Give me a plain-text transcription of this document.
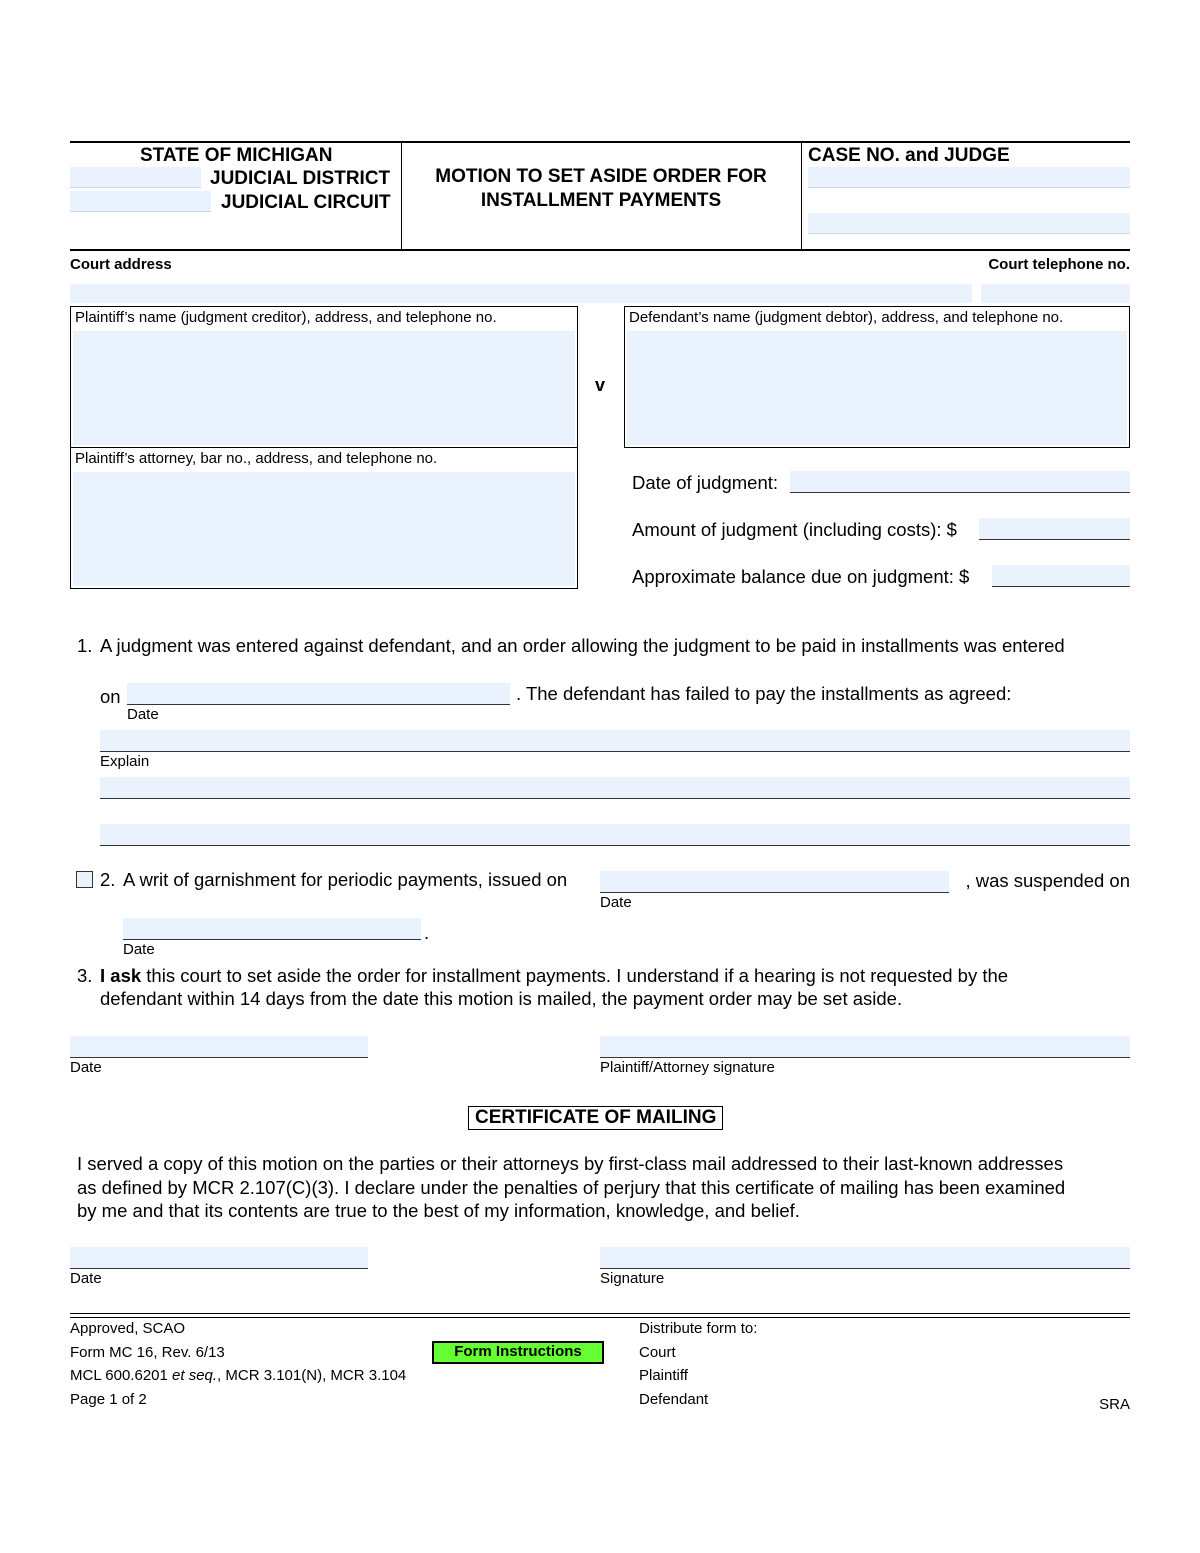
STATE OF MICHIGAN
JUDICIAL DISTRICT
JUDICIAL CIRCUIT
MOTION TO SET ASIDE ORDER FOR
INSTALLMENT PAYMENTS
CASE NO. and JUDGE
Court address	Court telephone no.
Plaintiff’s name (judgment creditor), address, and telephone no.
Plaintiff’s attorney, bar no., address, and telephone no.
v
Defendant’s name (judgment debtor), address, and telephone no.
Date of judgment:
Amount of judgment (including costs): $
Approximate balance due on judgment: $
1. A judgment was entered against defendant, and an order allowing the judgment to be paid in installments was entered
on	. The defendant has failed to pay the installments as agreed:
Date
Explain
2. A writ of garnishment for periodic payments, issued on	, was suspended on
Date
.
Date
3. I ask this court to set aside the order for installment payments. I understand if a hearing is not requested by the
defendant within 14 days from the date this motion is mailed, the payment order may be set aside.
Date	Plaintiff/Attorney signature
CERTIFICATE OF MAILING
I served a copy of this motion on the parties or their attorneys by first-class mail addressed to their last-known addresses
as defined by MCR 2.107(C)(3). I declare under the penalties of perjury that this certificate of mailing has been examined
by me and that its contents are true to the best of my information, knowledge, and belief.
Date	Signature
Approved, SCAO
Form MC 16, Rev. 6/13
MCL 600.6201 et seq., MCR 3.101(N), MCR 3.104
Page 1 of 2
Form Instructions
Distribute form to:
Court
Plaintiff
Defendant	SRA
